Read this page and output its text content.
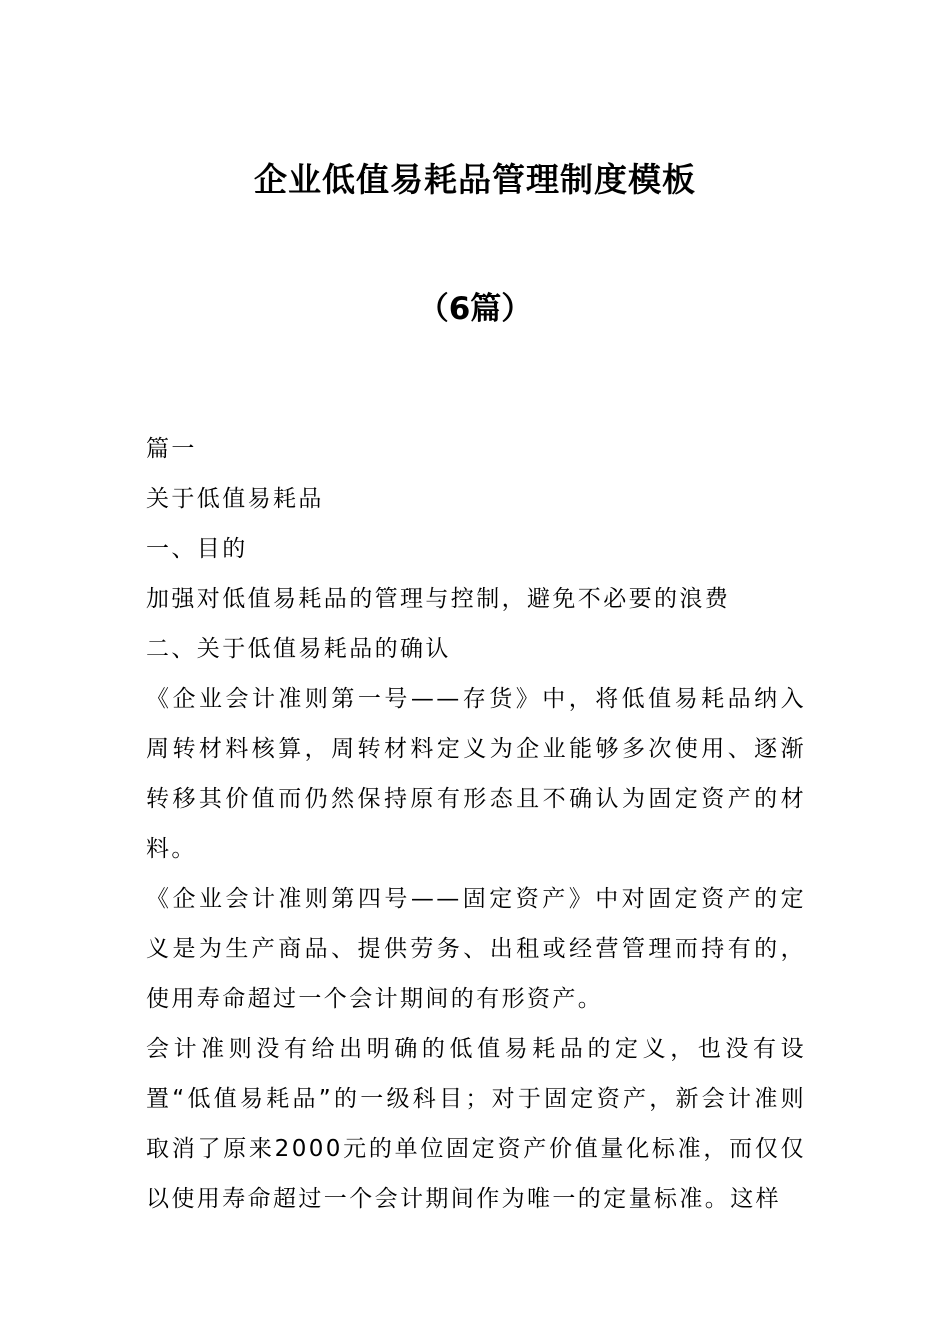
企业低值易耗品管理制度模板
（6篇）

篇一

关于低值易耗品

一、目的

加强对低值易耗品的管理与控制，避免不必要的浪费

二、关于低值易耗品的确认

《企业会计准则第一号——存货》中，将低值易耗品纳入周转材料核算，周转材料定义为企业能够多次使用、逐渐转移其价值而仍然保持原有形态且不确认为固定资产的材料。

《企业会计准则第四号——固定资产》中对固定资产的定义是为生产商品、提供劳务、出租或经营管理而持有的，使用寿命超过一个会计期间的有形资产。

会计准则没有给出明确的低值易耗品的定义，也没有设置“低值易耗品”的一级科目；对于固定资产，新会计准则取消了原来2000元的单位固定资产价值量化标准，而仅仅以使用寿命超过一个会计期间作为唯一的定量标准。这样
